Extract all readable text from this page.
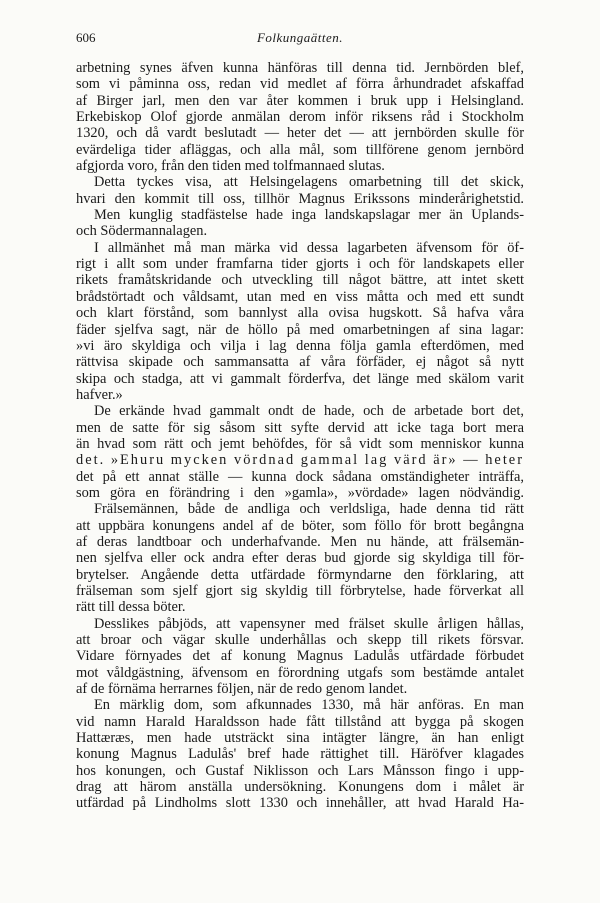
606	Folkungaätten.
arbetning synes äfven kunna hänföras till denna tid. Jernbörden blef,
som vi påminna oss, redan vid medlet af förra århundradet afskaffad
af Birger jarl, men den var åter kommen i bruk upp i Helsingland.
Erkebiskop Olof gjorde anmälan derom inför riksens råd i Stockholm
1320, och då vardt beslutadt — heter det — att jernbörden skulle för
evärdeliga tider afläggas, och alla mål, som tillförene genom jernbörd
afgjorda voro, från den tiden med tolfmannaed slutas.
Detta tyckes visa, att Helsingelagens omarbetning till det skick,
hvari den kommit till oss, tillhör Magnus Erikssons minderårighetstid.
Men kunglig stadfästelse hade inga landskapslagar mer än Uplands-
och Södermannalagen.
I allmänhet må man märka vid dessa lagarbeten äfvensom för öf-
rigt i allt som under framfarna tider gjorts i och för landskapets eller
rikets framåtskridande och utveckling till något bättre, att intet skett
brådstörtadt och våldsamt, utan med en viss måtta och med ett sundt
och klart förstånd, som bannlyst alla ovisa hugskott. Så hafva våra
fäder sjelfva sagt, när de höllo på med omarbetningen af sina lagar:
»vi äro skyldiga och vilja i lag denna följa gamla efterdömen, med
rättvisa skipade och sammansatta af våra förfäder, ej något så nytt
skipa och stadga, att vi gammalt förderfva, det länge med skälom varit
hafver.»
De erkände hvad gammalt ondt de hade, och de arbetade bort det,
men de satte för sig såsom sitt syfte dervid att icke taga bort mera
än hvad som rätt och jemt behöfdes, för så vidt som menniskor kunna
det. »Ehuru mycken vördnad gammal lag värd är» — heter
det på ett annat ställe — kunna dock sådana omständigheter inträffa,
som göra en förändring i den »gamla», »vördade» lagen nödvändig.
Frälsemännen, både de andliga och verldsliga, hade denna tid rätt
att uppbära konungens andel af de böter, som föllo för brott begångna
af deras landtboar och underhafvande. Men nu hände, att frälsemän-
nen sjelfva eller ock andra efter deras bud gjorde sig skyldiga till för-
brytelser. Angående detta utfärdade förmyndarne den förklaring, att
frälseman som sjelf gjort sig skyldig till förbrytelse, hade förverkat all
rätt till dessa böter.
Desslikes påbjöds, att vapensyner med frälset skulle årligen hållas,
att broar och vägar skulle underhållas och skepp till rikets försvar.
Vidare förnyades det af konung Magnus Ladulås utfärdade förbudet
mot våldgästning, äfvensom en förordning utgafs som bestämde antalet
af de förnäma herrarnes följen, när de redo genom landet.
En märklig dom, som afkunnades 1330, må här anföras. En man
vid namn Harald Haraldsson hade fått tillstånd att bygga på skogen
Hattæræs, men hade utsträckt sina intägter längre, än han enligt
konung Magnus Ladulås' bref hade rättighet till. Häröfver klagades
hos konungen, och Gustaf Niklisson och Lars Månsson fingo i upp-
drag att härom anställa undersökning. Konungens dom i målet är
utfärdad på Lindholms slott 1330 och innehåller, att hvad Harald Ha-
